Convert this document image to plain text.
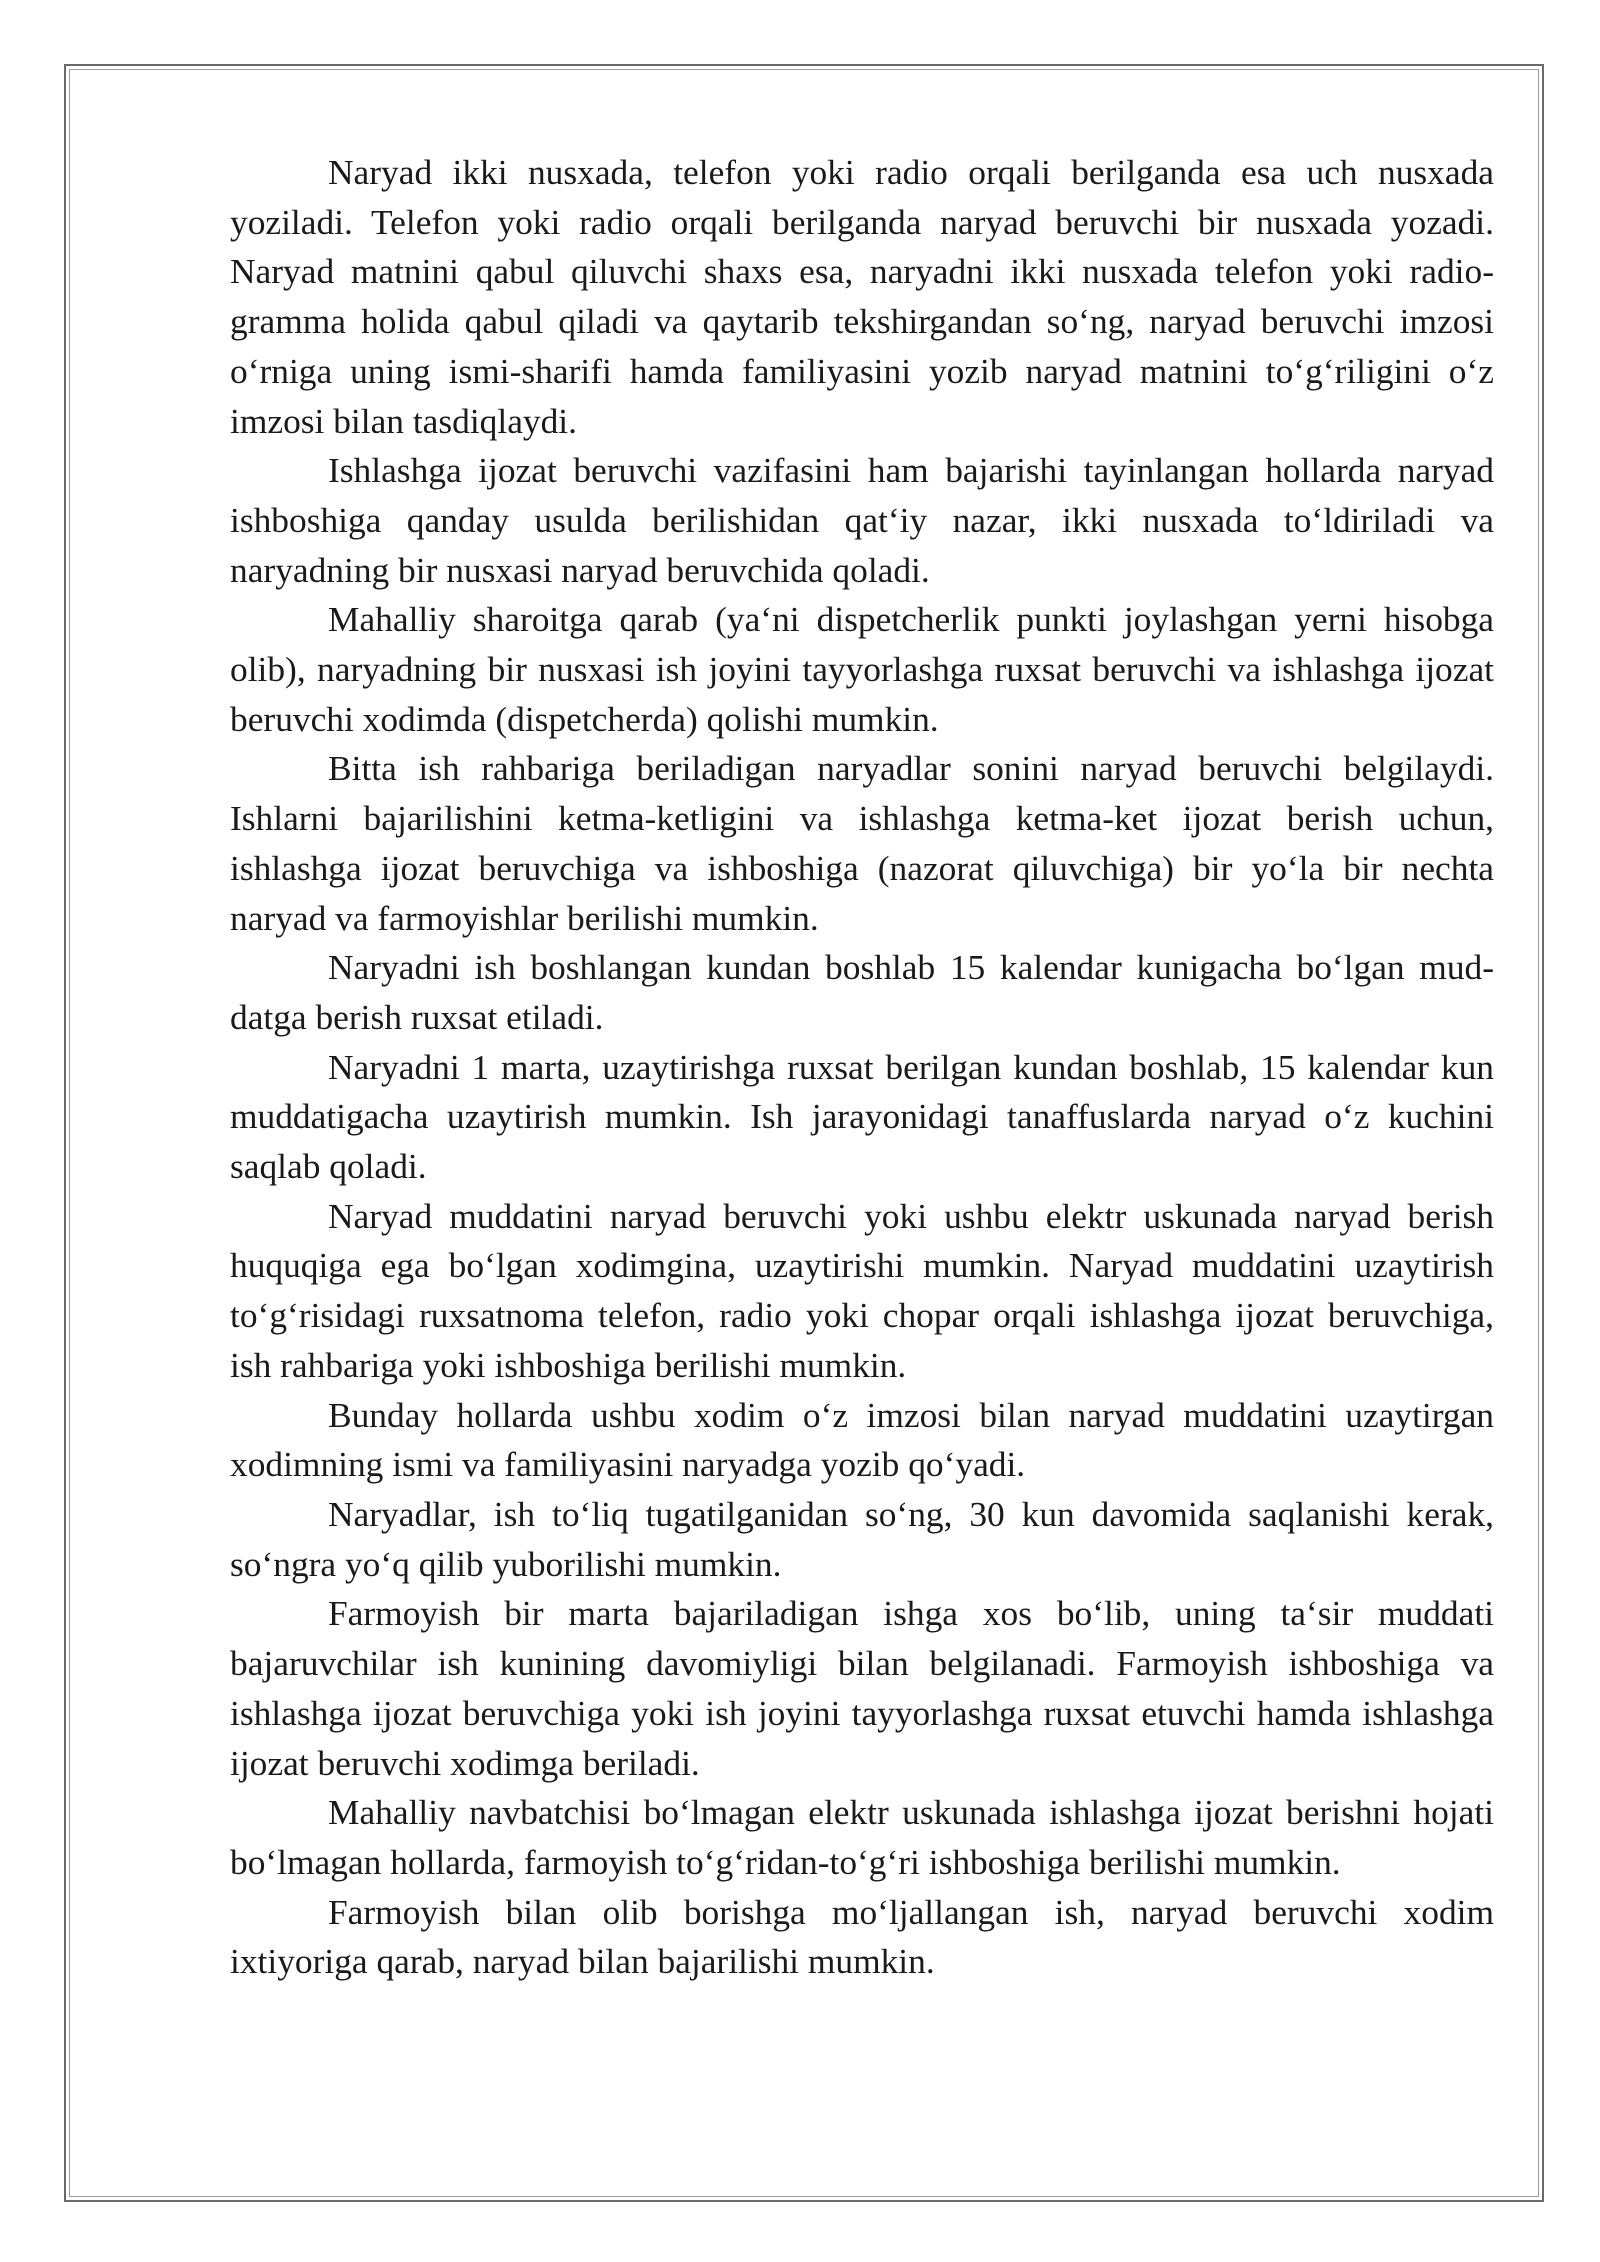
Naryad ikki nusxada, telefon yoki radio orqali berilganda esa uch nusxada yoziladi. Telefon yoki radio orqali berilganda naryad beruvchi bir nusxada yozadi. Naryad matnini qabul qiluvchi shaxs esa, naryadni ikki nusxada telefon yoki radio-gramma holida qabul qiladi va qaytarib tekshirgandan so‘ng, naryad beruvchi imzosi o‘rniga uning ismi-sharifi hamda familiyasini yozib naryad matnini to‘g‘riligini o‘z imzosi bilan tasdiqlaydi.

Ishlashga ijozat beruvchi vazifasini ham bajarishi tayinlangan hollarda naryad ishboshiga qanday usulda berilishidan qat‘iy nazar, ikki nusxada to‘ldiriladi va naryadning bir nusxasi naryad beruvchida qoladi.

Mahalliy sharoitga qarab (ya‘ni dispetcherlik punkti joylashgan yerni hisobga olib), naryadning bir nusxasi ish joyini tayyorlashga ruxsat beruvchi va ishlashga ijozat beruvchi xodimda (dispetcherda) qolishi mumkin.

Bitta ish rahbariga beriladigan naryadlar sonini naryad beruvchi belgilaydi. Ishlarni bajarilishini ketma-ketligini va ishlashga ketma-ket ijozat berish uchun, ishlashga ijozat beruvchiga va ishboshiga (nazorat qiluvchiga) bir yo‘la bir nechta naryad va farmoyishlar berilishi mumkin.

Naryadni ish boshlangan kundan boshlab 15 kalendar kunigacha bo‘lgan mud-datga berish ruxsat etiladi.

Naryadni 1 marta, uzaytirishga ruxsat berilgan kundan boshlab, 15 kalendar kun muddatigacha uzaytirish mumkin. Ish jarayonidagi tanaffuslarda naryad o‘z kuchini saqlab qoladi.

Naryad muddatini naryad beruvchi yoki ushbu elektr uskunada naryad berish huquqiga ega bo‘lgan xodimgina, uzaytirishi mumkin. Naryad muddatini uzaytirish to‘g‘risidagi ruxsatnoma telefon, radio yoki chopar orqali ishlashga ijozat beruvchiga, ish rahbariga yoki ishboshiga berilishi mumkin.

Bunday hollarda ushbu xodim o‘z imzosi bilan naryad muddatini uzaytirgan xodimning ismi va familiyasini naryadga yozib qo‘yadi.

Naryadlar, ish to‘liq tugatilganidan so‘ng, 30 kun davomida saqlanishi kerak, so‘ngra yo‘q qilib yuborilishi mumkin.

Farmoyish bir marta bajariladigan ishga xos bo‘lib, uning ta‘sir muddati bajaruvchilar ish kunining davomiyligi bilan belgilanadi. Farmoyish ishboshiga va ishlashga ijozat beruvchiga yoki ish joyini tayyorlashga ruxsat etuvchi hamda ishlashga ijozat beruvchi xodimga beriladi.

Mahalliy navbatchisi bo‘lmagan elektr uskunada ishlashga ijozat berishni hojati bo‘lmagan hollarda, farmoyish to‘g‘ridan-to‘g‘ri ishboshiga berilishi mumkin.

Farmoyish bilan olib borishga mo‘ljallangan ish, naryad beruvchi xodim ixtiyoriga qarab, naryad bilan bajarilishi mumkin.
